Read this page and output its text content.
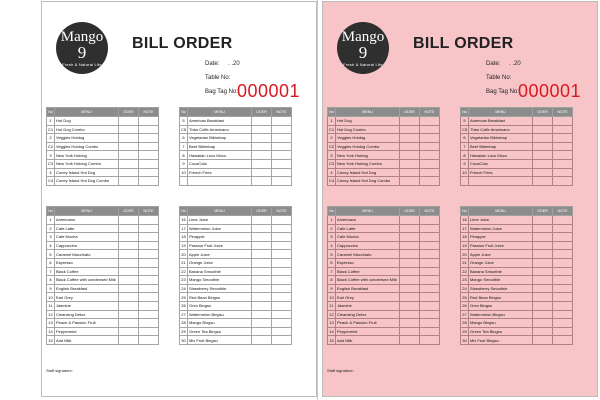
Mango
9
Fresh & Natural Life
BILL ORDER
Date: . .20
Table No:
Bag Tag No: 000001
No	MENU	ODER	NOTE
1	Hot Dog		
C1	Hot Dog Combo		
2	Veggies Hotdog		
C2	Veggies Hotdog Combo		
3	New York Hotdog		
C3	New York Hotdog Combo		
4	Coney Island Hot Dog		
C4	Coney Island Hot Dog Combo		
No	MENU	ODER	NOTE
5	American Breakfast		
C5	Thào Coffe Americano		
6	Vegetarian Bibimbap		
7	Beef Bibimbap		
8	Hawaiian Loco Moco		
9	CocaCola		
10	French Fries		

No	MENU	ODER	NOTE
1	Americano		
2	Cafe Latte		
3	Cafe Mocha		
4	Cappuccino		
5	Caramel Macchiato		
6	Espresso		
7	Black Coffee		
8	Black Coffee with condensed Milk		
9	English Breakfast		
10	Earl Grey		
11	Jasmine		
12	Cleansing Detox		
13	Peach & Passion Fruit		
14	Peppermint		
15	Add Milk		
No	MENU	ODER	NOTE
16	Lime Juice		
17	Watermelon Juice		
18	Pinapple		
19	Passion Fruit Juice		
20	Apple Juice		
21	Orange Juice		
22	Banana Smoothie		
23	Mango Smoothie		
24	Strawberry Smoothie		
25	Red Bean Bingsu		
26	Oreo Bingsu		
27	Watermelon Bingsu		
28	Mango Bingsu		
29	Green Tea Bingsu		
30	Mix Fruit Bingsu		
Staff signature:
Mango
9
Fresh & Natural Life
BILL ORDER
Date: . .20
Table No:
Bag Tag No: 000001
No	MENU	ODER	NOTE
1	Hot Dog		
C1	Hot Dog Combo		
2	Veggies Hotdog		
C2	Veggies Hotdog Combo		
3	New York Hotdog		
C3	New York Hotdog Combo		
4	Coney Island Hot Dog		
C4	Coney Island Hot Dog Combo		
No	MENU	ODER	NOTE
5	American Breakfast		
C5	Thào Coffe Americano		
6	Vegetarian Bibimbap		
7	Beef Bibimbap		
8	Hawaiian Loco Moco		
9	CocaCola		
10	French Fries		

No	MENU	ODER	NOTE
1	Americano		
2	Cafe Latte		
3	Cafe Mocha		
4	Cappuccino		
5	Caramel Macchiato		
6	Espresso		
7	Black Coffee		
8	Black Coffee with condensed Milk		
9	English Breakfast		
10	Earl Grey		
11	Jasmine		
12	Cleansing Detox		
13	Peach & Passion Fruit		
14	Peppermint		
15	Add Milk		
No	MENU	ODER	NOTE
16	Lime Juice		
17	Watermelon Juice		
18	Pinapple		
19	Passion Fruit Juice		
20	Apple Juice		
21	Orange Juice		
22	Banana Smoothie		
23	Mango Smoothie		
24	Strawberry Smoothie		
25	Red Bean Bingsu		
26	Oreo Bingsu		
27	Watermelon Bingsu		
28	Mango Bingsu		
29	Green Tea Bingsu		
30	Mix Fruit Bingsu		
Staff signature:
